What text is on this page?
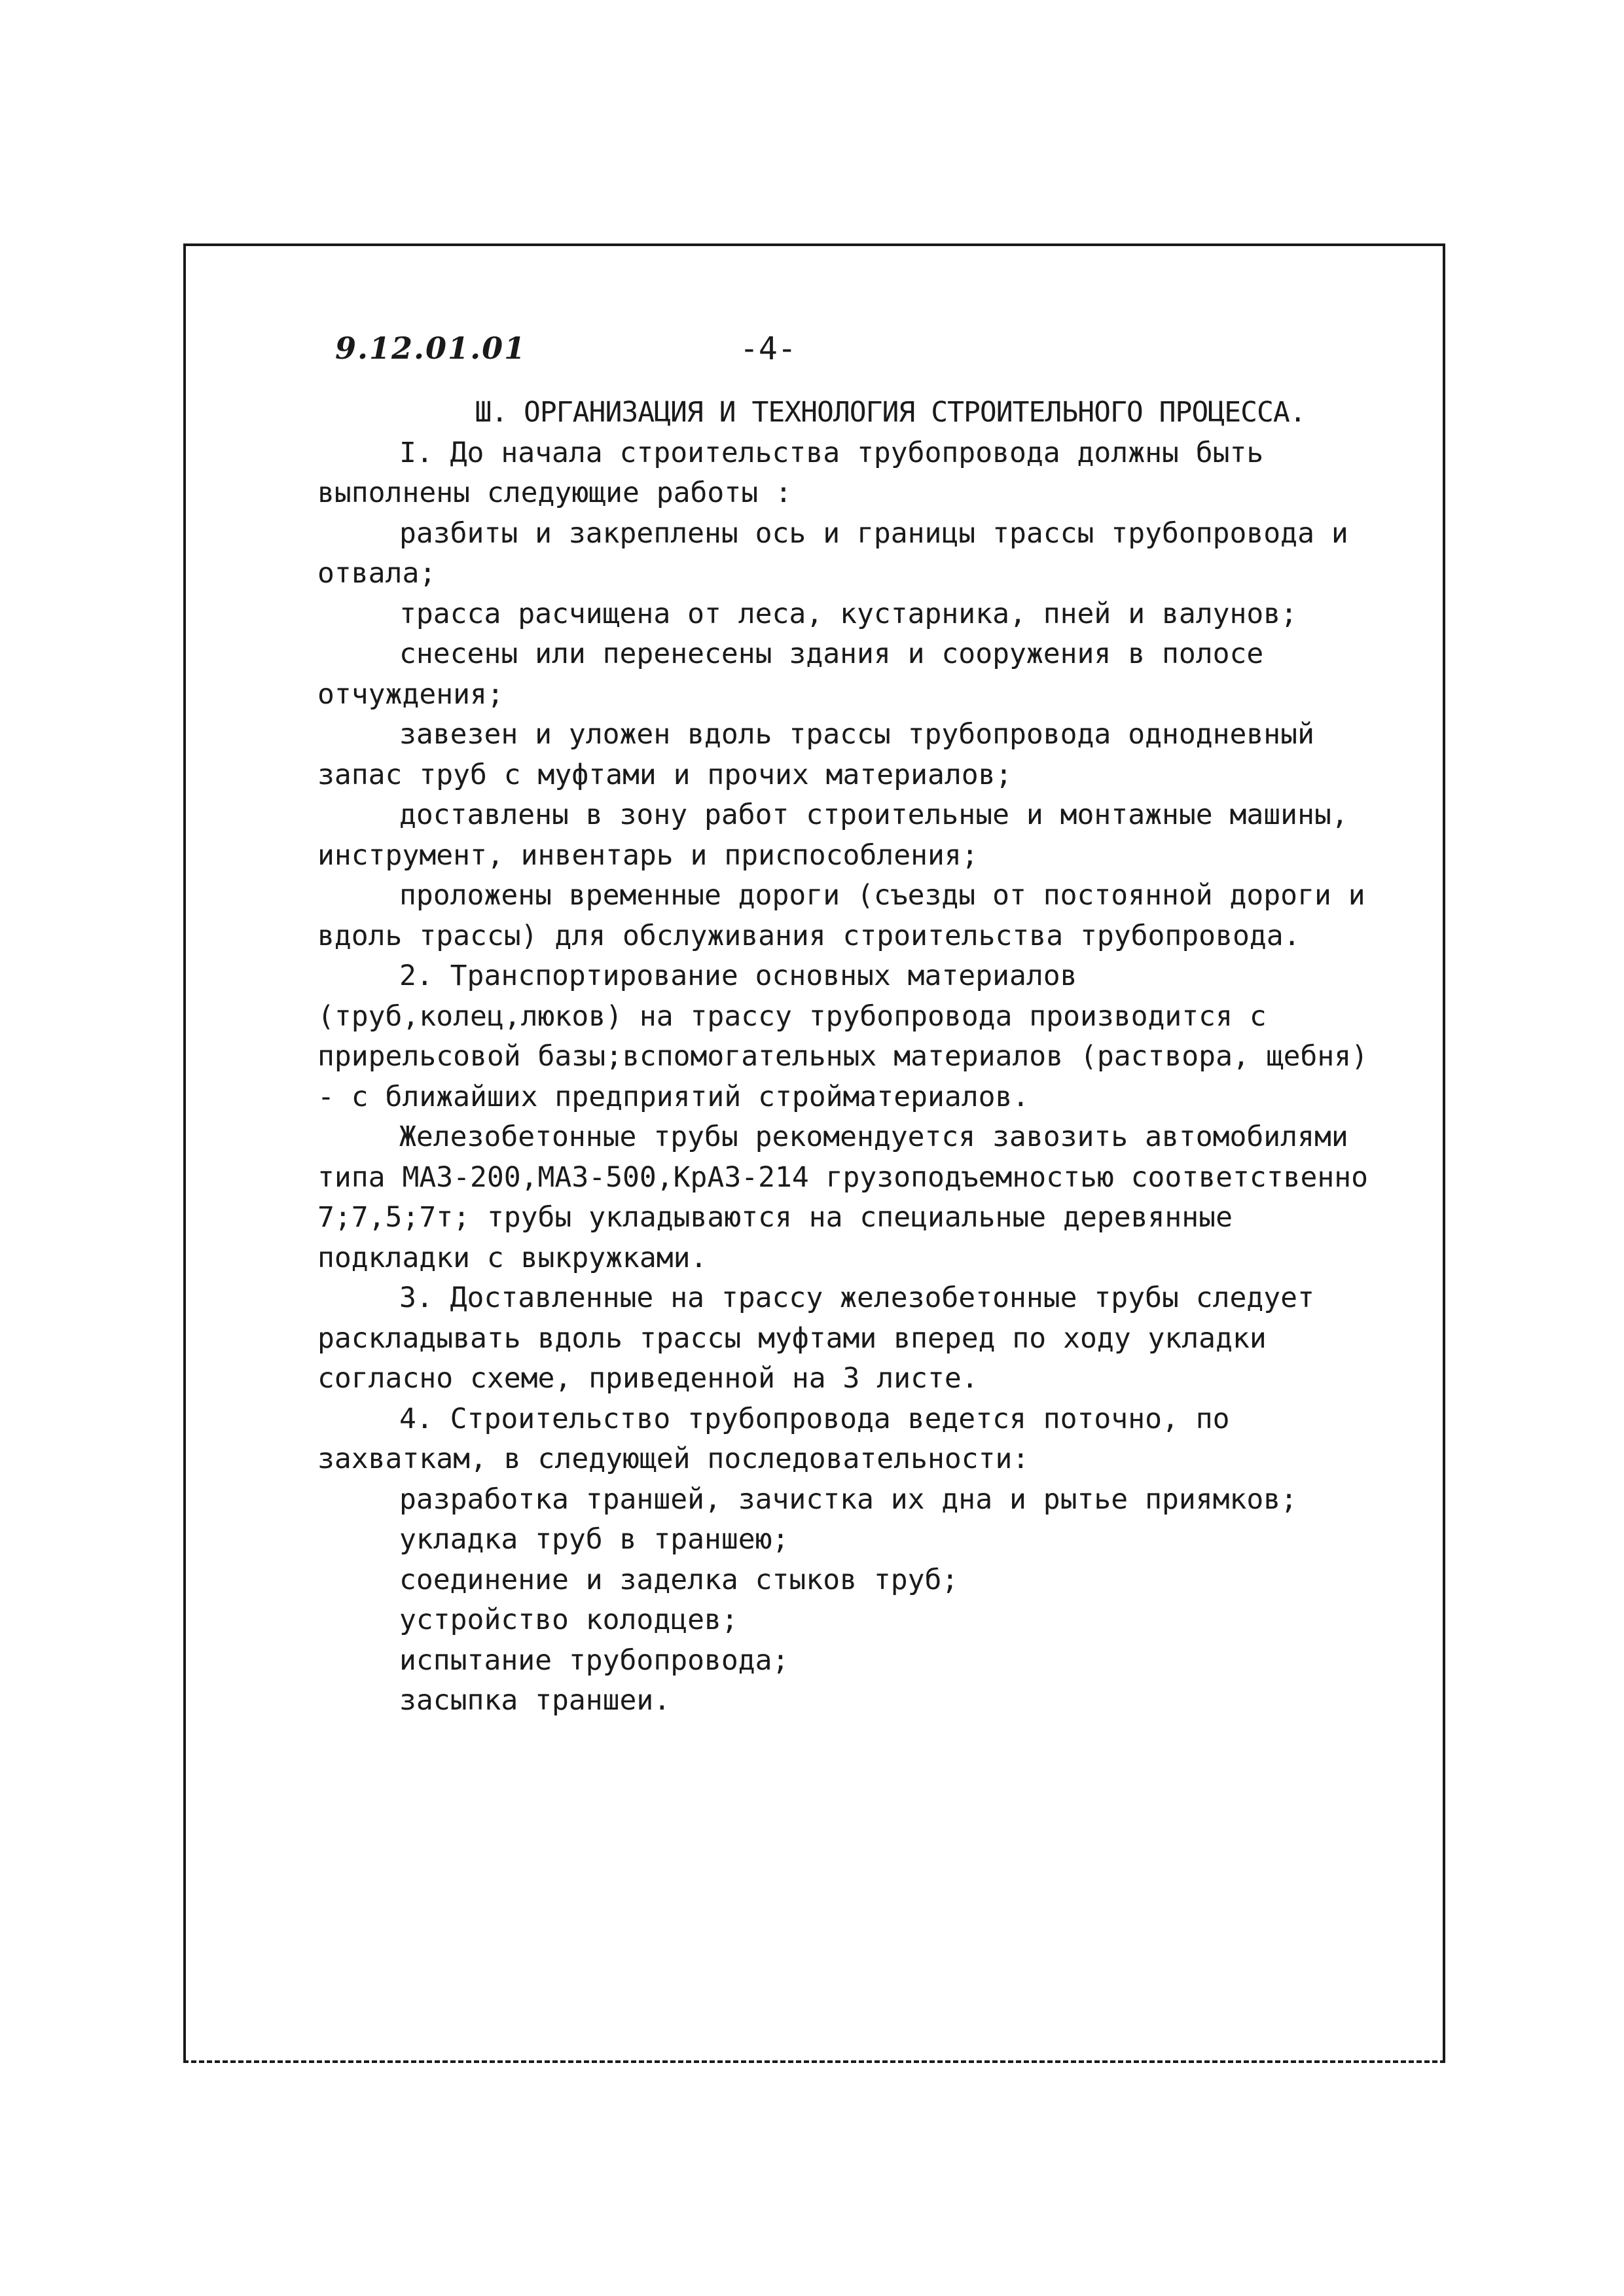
9.12.01.01	-4-

Ш. ОРГАНИЗАЦИЯ И ТЕХНОЛОГИЯ СТРОИТЕЛЬНОГО ПРОЦЕССА.

I. До начала строительства трубопровода должны быть выполнены следующие работы :

разбиты и закреплены ось и границы трассы трубопровода и отвала;

трасса расчищена от леса, кустарника, пней и валунов;

снесены или перенесены здания и сооружения в полосе отчуждения;

завезен и уложен вдоль трассы трубопровода однодневный запас труб с муфтами и прочих материалов;

доставлены в зону работ строительные и монтажные машины, инструмент, инвентарь и приспособления;

проложены временные дороги (съезды от постоянной дороги и вдоль трассы) для обслуживания строительства трубопровода.

2. Транспортирование основных материалов (труб,колец,люков) на трассу трубопровода производится с прирельсовой базы;вспомогательных материалов (раствора, щебня) - с ближайших предприятий стройматериалов.

Железобетонные трубы рекомендуется завозить автомобилями типа МАЗ-200,МАЗ-500,КрАЗ-214 грузоподъемностью соответственно 7;7,5;7т; трубы укладываются на специальные деревянные подкладки с выкружками.

3. Доставленные на трассу железобетонные трубы следует раскладывать вдоль трассы муфтами вперед по ходу укладки согласно схеме, приведенной на 3 листе.

4. Строительство трубопровода ведется поточно, по захваткам, в следующей последовательности:

разработка траншей, зачистка их дна и рытье приямков;

укладка труб в траншею;

соединение и заделка стыков труб;

устройство колодцев;

испытание трубопровода;

засыпка траншеи.
